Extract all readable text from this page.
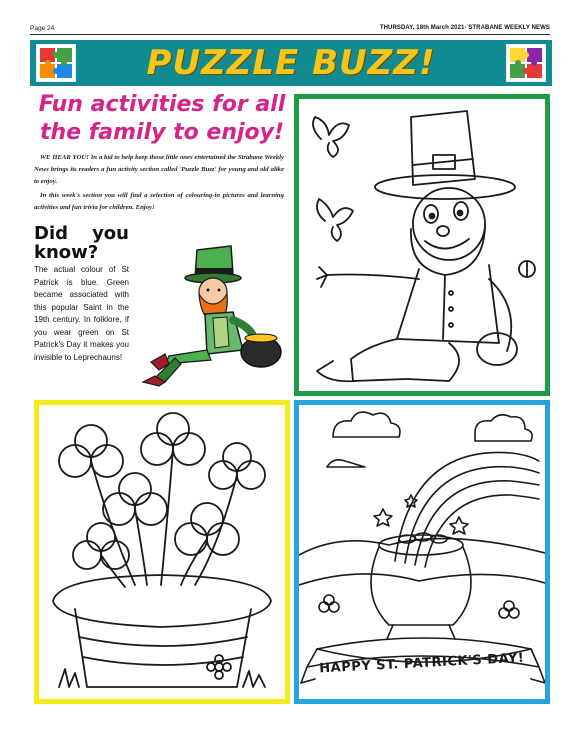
Page 24	THURSDAY, 18th March 2021- STRABANE WEEKLY NEWS
PUZZLE BUZZ!
Fun activities for all the family to enjoy!

WE HEAR YOU! In a bid to help keep those little ones entertained the Strabane Weekly News brings its readers a fun activity section called 'Puzzle Buzz' for young and old alike to enjoy.

In this week's section you will find a selection of colouring-in pictures and learning activities and fun trivia for children. Enjoy!

Did you know?
The actual colour of St Patrick is blue. Green became associated with this popular Saint in the 19th century. In folklore, if you wear green on St Patrick's Day it makes you invisible to Leprechauns!
HAPPY ST. PATRICK'S DAY!
